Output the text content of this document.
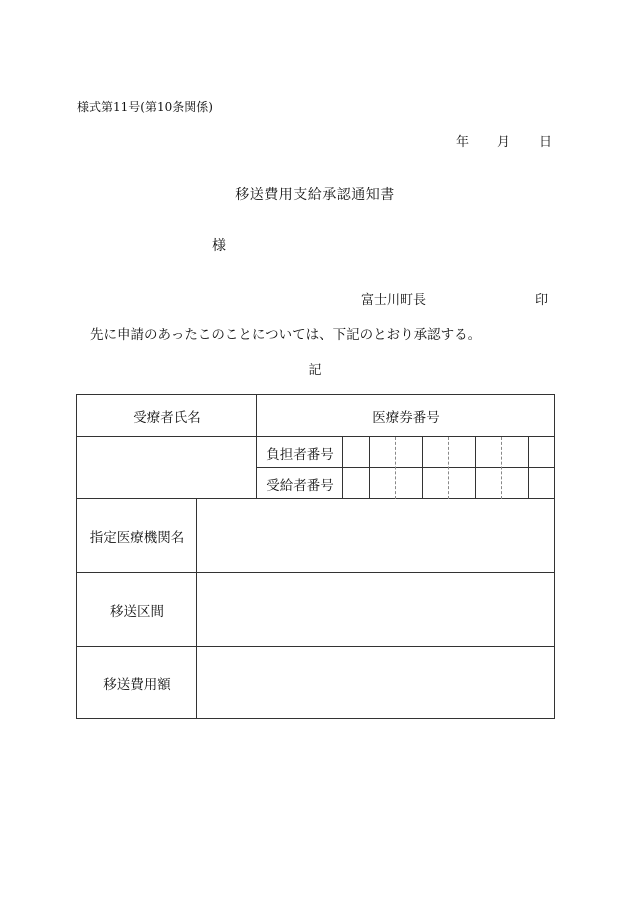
様式第11号(第10条関係)
年 月 日
移送費用支給承認通知書
様
富士川町長	印
先に申請のあったこのことについては、下記のとおり承認する。
記
受療者氏名	医療券番号
負担者番号
受給者番号
指定医療機関名
移送区間
移送費用額
